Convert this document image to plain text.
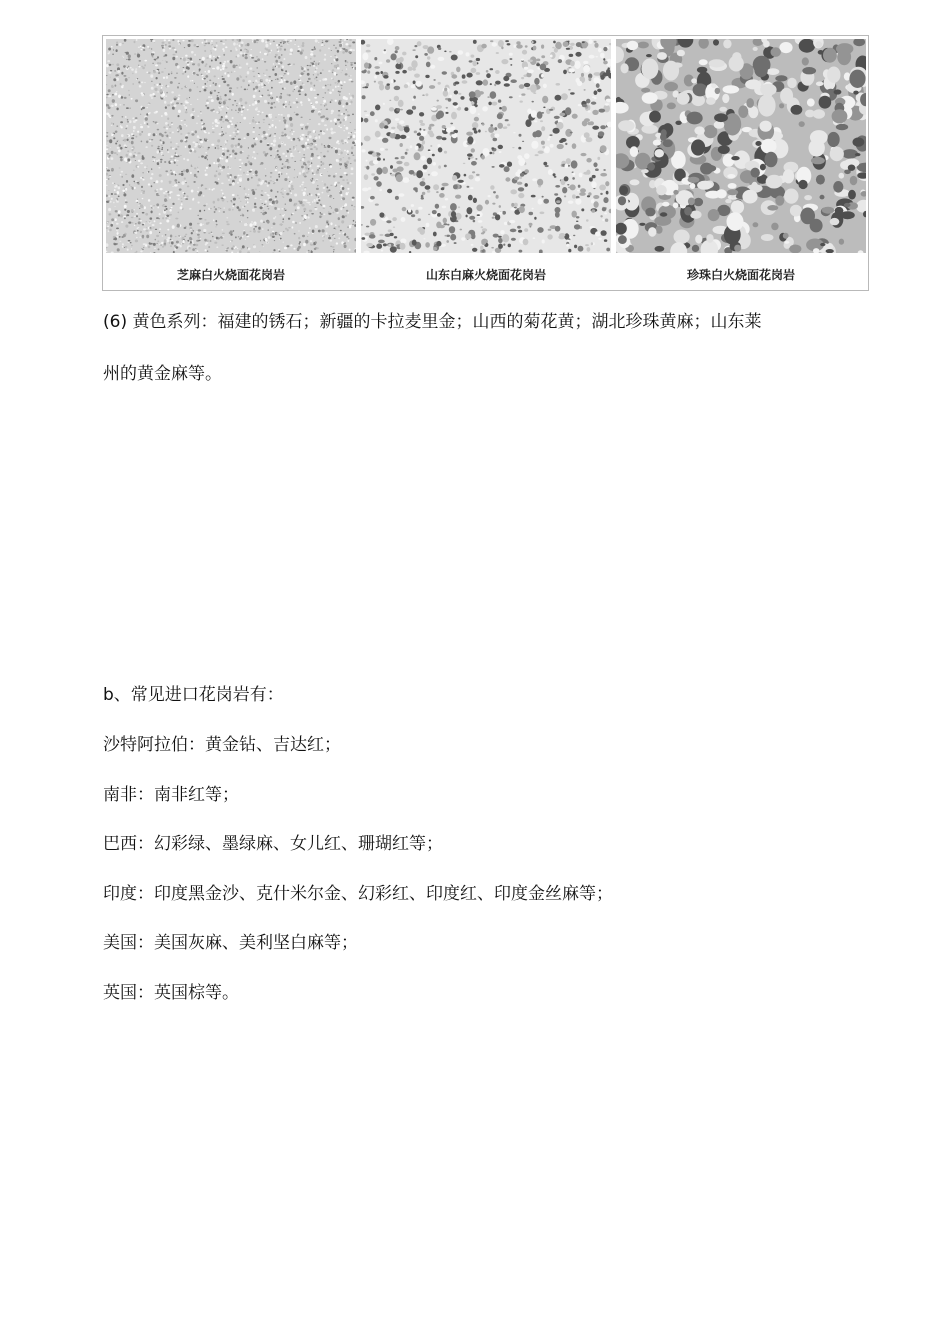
芝麻白火烧面花岗岩	山东白麻火烧面花岗岩	珍珠白火烧面花岗岩
(6) 黄色系列：福建的锈石；新疆的卡拉麦里金；山西的菊花黄；湖北珍珠黄麻；山东莱
州的黄金麻等。
b、常见进口花岗岩有：
沙特阿拉伯：黄金钻、吉达红；
南非：南非红等；
巴西：幻彩绿、墨绿麻、女儿红、珊瑚红等；
印度：印度黑金沙、克什米尔金、幻彩红、印度红、印度金丝麻等；
美国：美国灰麻、美利坚白麻等；
英国：英国棕等。
